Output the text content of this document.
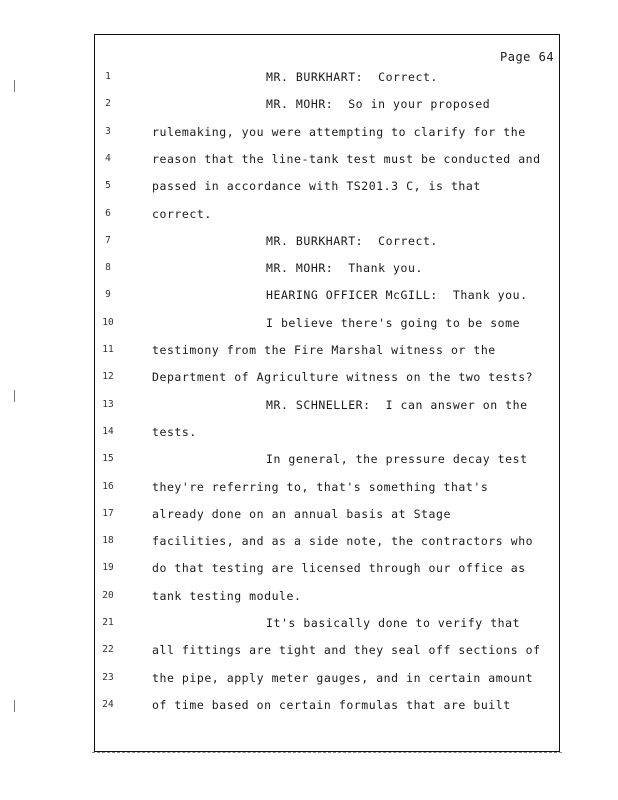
Page 64
1	MR. BURKHART:  Correct.
2	MR. MOHR:  So in your proposed
3	rulemaking, you were attempting to clarify for the
4	reason that the line-tank test must be conducted and
5	passed in accordance with TS201.3 C, is that
6	correct.
7	MR. BURKHART:  Correct.
8	MR. MOHR:  Thank you.
9	HEARING OFFICER McGILL:  Thank you.
10	I believe there's going to be some
11	testimony from the Fire Marshal witness or the
12	Department of Agriculture witness on the two tests?
13	MR. SCHNELLER:  I can answer on the
14	tests.
15	In general, the pressure decay test
16	they're referring to, that's something that's
17	already done on an annual basis at Stage
18	facilities, and as a side note, the contractors who
19	do that testing are licensed through our office as
20	tank testing module.
21	It's basically done to verify that
22	all fittings are tight and they seal off sections of
23	the pipe, apply meter gauges, and in certain amount
24	of time based on certain formulas that are built
